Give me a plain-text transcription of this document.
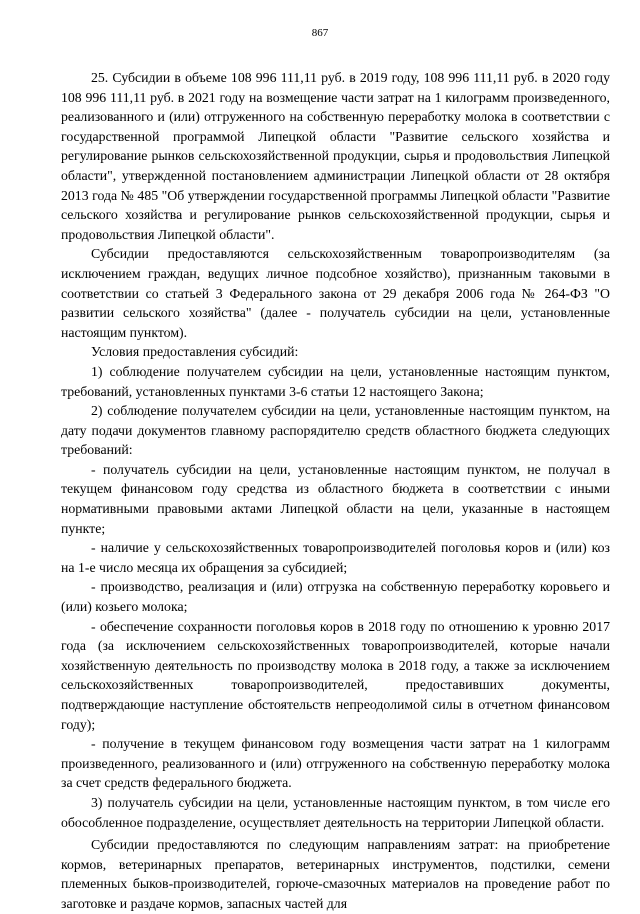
867

25. Субсидии в объеме 108 996 111,11 руб. в 2019 году, 108 996 111,11 руб. в 2020 году 108 996 111,11 руб. в 2021 году на возмещение части затрат на 1 килограмм произведенного, реализованного и (или) отгруженного на собственную переработку молока в соответствии с государственной программой Липецкой области "Развитие сельского хозяйства и регулирование рынков сельскохозяйственной продукции, сырья и продовольствия Липецкой области", утвержденной постановлением администрации Липецкой области от 28 октября 2013 года № 485 "Об утверждении государственной программы Липецкой области "Развитие сельского хозяйства и регулирование рынков сельскохозяйственной продукции, сырья и продовольствия Липецкой области".

Субсидии предоставляются сельскохозяйственным товаропроизводителям (за исключением граждан, ведущих личное подсобное хозяйство), признанным таковыми в соответствии со статьей 3 Федерального закона от 29 декабря 2006 года № 264-ФЗ "О развитии сельского хозяйства" (далее - получатель субсидии на цели, установленные настоящим пунктом).

Условия предоставления субсидий:

1) соблюдение получателем субсидии на цели, установленные настоящим пунктом, требований, установленных пунктами 3-6 статьи 12 настоящего Закона;

2) соблюдение получателем субсидии на цели, установленные настоящим пунктом, на дату подачи документов главному распорядителю средств областного бюджета следующих требований:

- получатель субсидии на цели, установленные настоящим пунктом, не получал в текущем финансовом году средства из областного бюджета в соответствии с иными нормативными правовыми актами Липецкой области на цели, указанные в настоящем пункте;

- наличие у сельскохозяйственных товаропроизводителей поголовья коров и (или) коз на 1-е число месяца их обращения за субсидией;

- производство, реализация и (или) отгрузка на собственную переработку коровьего и (или) козьего молока;

- обеспечение сохранности поголовья коров в 2018 году по отношению к уровню 2017 года (за исключением сельскохозяйственных товаропроизводителей, которые начали хозяйственную деятельность по производству молока в 2018 году, а также за исключением сельскохозяйственных товаропроизводителей, предоставивших документы, подтверждающие наступление обстоятельств непреодолимой силы в отчетном финансовом году);

- получение в текущем финансовом году возмещения части затрат на 1 килограмм произведенного, реализованного и (или) отгруженного на собственную переработку молока за счет средств федерального бюджета.

3) получатель субсидии на цели, установленные настоящим пунктом, в том числе его обособленное подразделение, осуществляет деятельность на территории Липецкой области.

Субсидии предоставляются по следующим направлениям затрат: на приобретение кормов, ветеринарных препаратов, ветеринарных инструментов, подстилки, семени племенных быков-производителей, горюче-смазочных материалов на проведение работ по заготовке и раздаче кормов, запасных частей для
